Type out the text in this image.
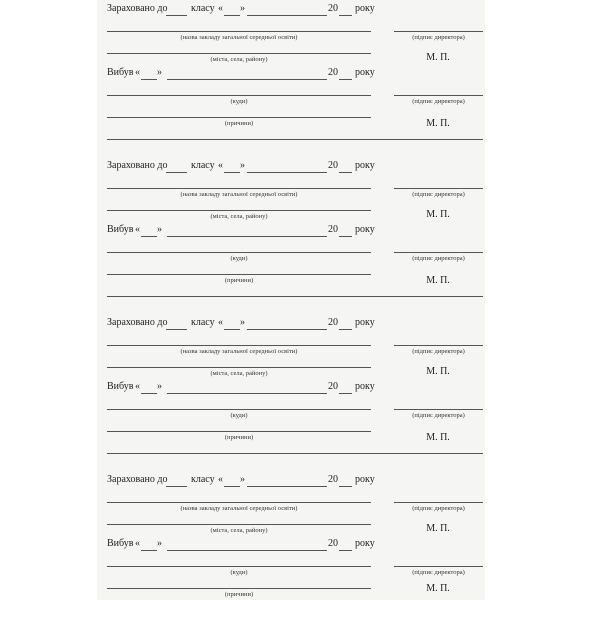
Зараховано до класу « »	20 року
(назва закладу загальної середньої освіти)	(підпис директора)
(міста, села, району)	М. П.
Вибув « »	20 року
(куди)	(підпис директора)
(причини)	М. П.
Зараховано до класу « »	20 року
(назва закладу загальної середньої освіти)	(підпис директора)
(міста, села, району)	М. П.
Вибув « »	20 року
(куди)	(підпис директора)
(причини)	М. П.
Зараховано до класу « »	20 року
(назва закладу загальної середньої освіти)	(підпис директора)
(міста, села, району)	М. П.
Вибув « »	20 року
(куди)	(підпис директора)
(причини)	М. П.
Зараховано до класу « »	20 року
(назва закладу загальної середньої освіти)	(підпис директора)
(міста, села, району)	М. П.
Вибув « »	20 року
(куди)	(підпис директора)
(причини)
М. П.
